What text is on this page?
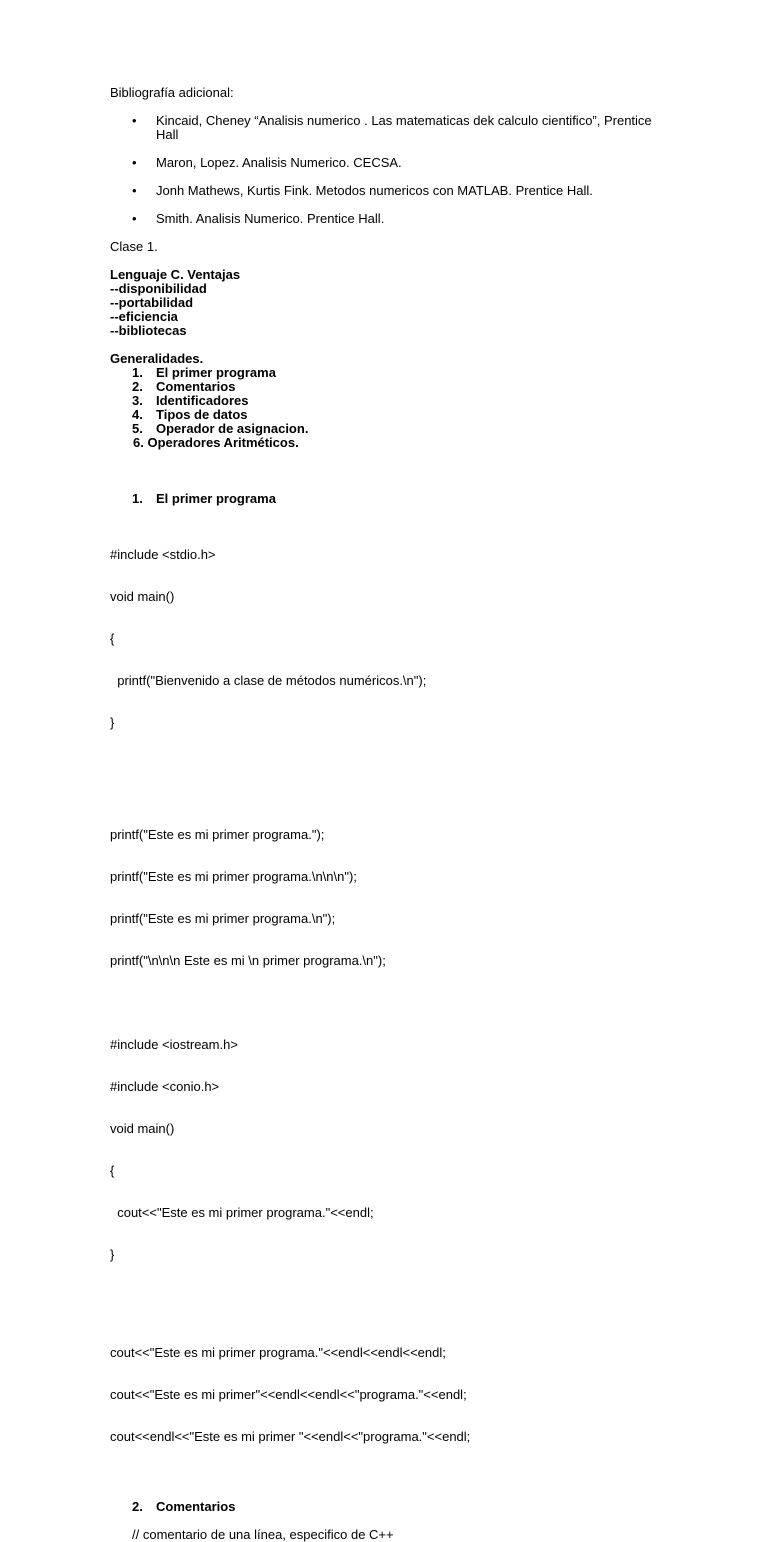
Bibliografía adicional:

• Kincaid, Cheney “Analisis numerico . Las matematicas dek calculo cientifico”, Prentice Hall
• Maron, Lopez. Analisis Numerico. CECSA.
• Jonh Mathews, Kurtis Fink. Metodos numericos con MATLAB. Prentice Hall.
• Smith. Analisis Numerico. Prentice Hall.

Clase 1.

Lenguaje C. Ventajas

--disponibilidad

--portabilidad

--eficiencia

--bibliotecas

Generalidades.

1. El primer programa
2. Comentarios
3. Identificadores
4. Tipos de datos
5. Operador de asignacion.
6. Operadores Aritméticos.
1. El primer programa

#include <stdio.h>

void main()

{

printf("Bienvenido a clase de métodos numéricos.\n");

}

printf("Este es mi primer programa.");

printf("Este es mi primer programa.\n\n\n");

printf("Este es mi primer programa.\n");

printf("\n\n\n Este es mi \n primer programa.\n");

#include <iostream.h>

#include <conio.h>

void main()

{

cout<<"Este es mi primer programa."<<endl;

}

cout<<"Este es mi primer programa."<<endl<<endl<<endl;

cout<<"Este es mi primer"<<endl<<endl<<"programa."<<endl;

cout<<endl<<"Este es mi primer "<<endl<<"programa."<<endl;

2. Comentarios

// comentario de una línea, especifico de C++
